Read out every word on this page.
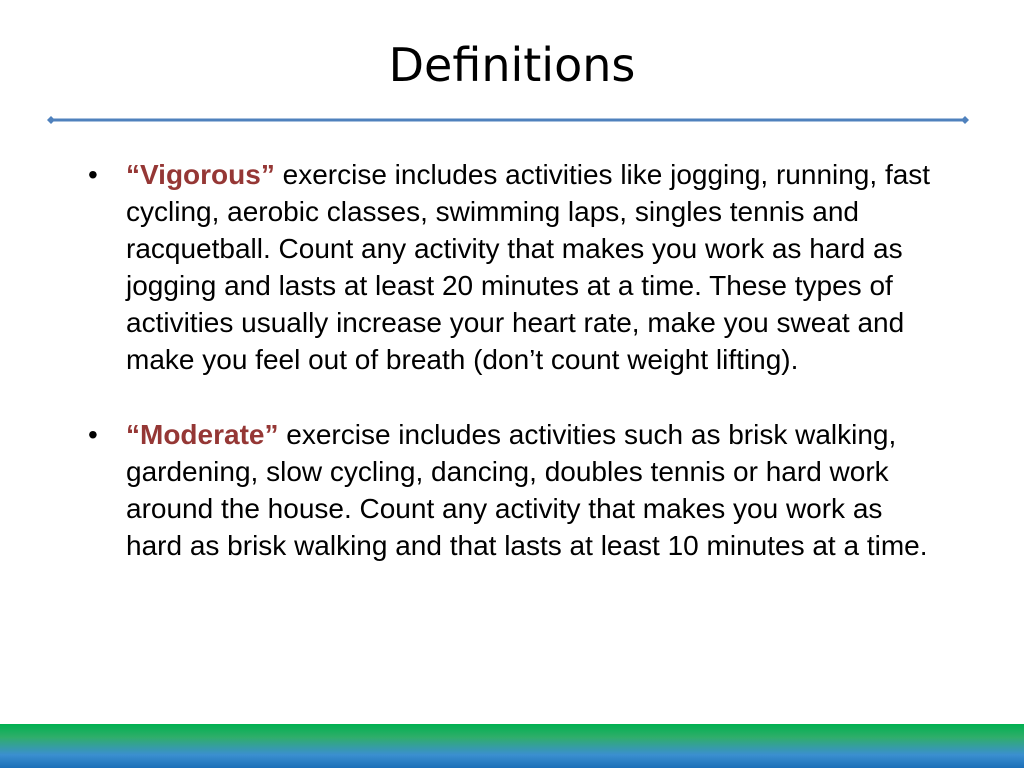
Definitions
• “Vigorous” exercise includes activities like jogging, running, fast cycling, aerobic classes, swimming laps, singles tennis and racquetball. Count any activity that makes you work as hard as jogging and lasts at least 20 minutes at a time. These types of activities usually increase your heart rate, make you sweat and make you feel out of breath (don’t count weight lifting).
• “Moderate” exercise includes activities such as brisk walking, gardening, slow cycling, dancing, doubles tennis or hard work around the house. Count any activity that makes you work as hard as brisk walking and that lasts at least 10 minutes at a time.
